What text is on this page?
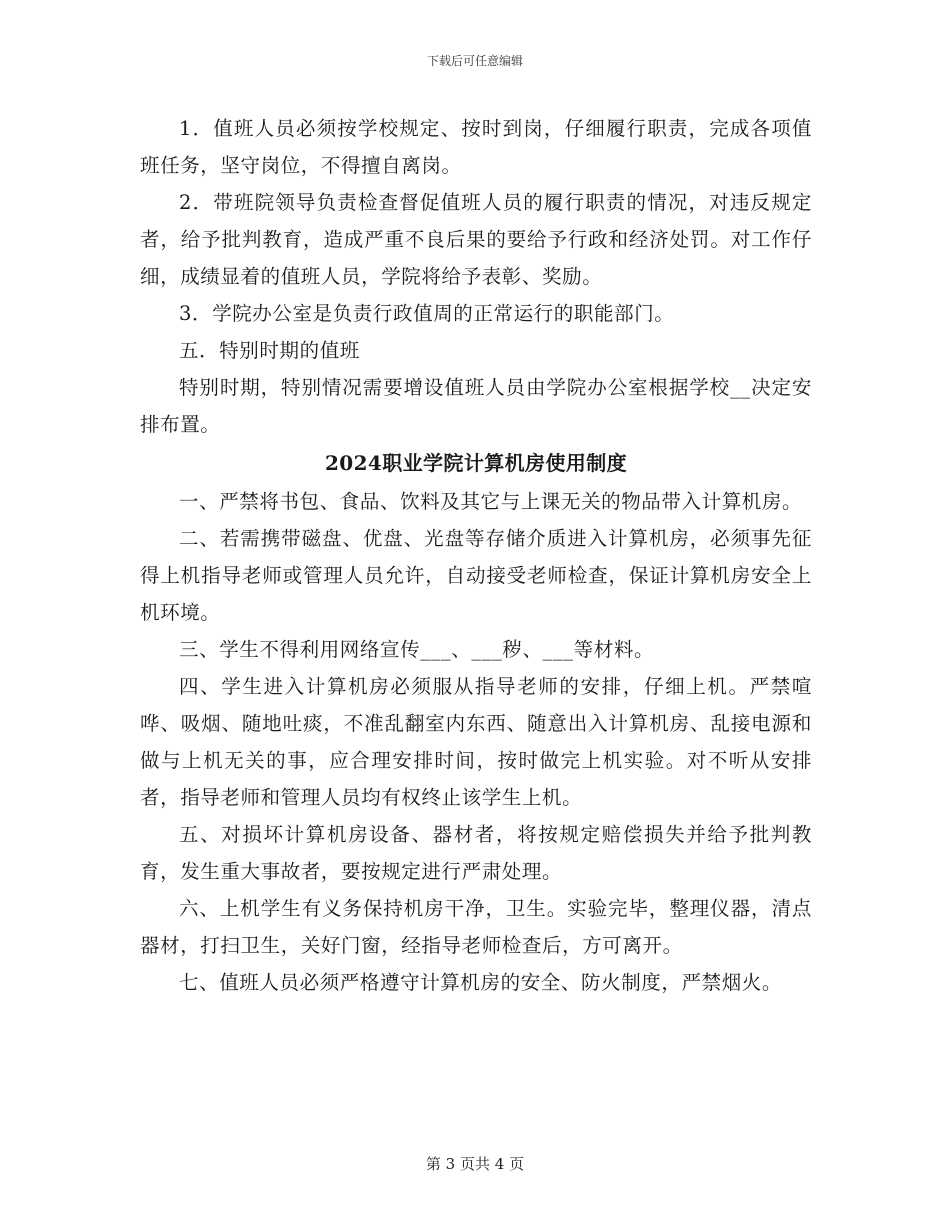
下载后可任意编辑

1．值班人员必须按学校规定、按时到岗，仔细履行职责，完成各项值班任务，坚守岗位，不得擅自离岗。

2．带班院领导负责检查督促值班人员的履行职责的情况，对违反规定者，给予批判教育，造成严重不良后果的要给予行政和经济处罚。对工作仔细，成绩显着的值班人员，学院将给予表彰、奖励。

3．学院办公室是负责行政值周的正常运行的职能部门。

五．特别时期的值班

特别时期，特别情况需要增设值班人员由学院办公室根据学校__决定安排布置。

2024职业学院计算机房使用制度

一、严禁将书包、食品、饮料及其它与上课无关的物品带入计算机房。

二、若需携带磁盘、优盘、光盘等存储介质进入计算机房，必须事先征得上机指导老师或管理人员允许，自动接受老师检查，保证计算机房安全上机环境。

三、学生不得利用网络宣传___、___秽、___等材料。

四、学生进入计算机房必须服从指导老师的安排，仔细上机。严禁喧哗、吸烟、随地吐痰，不准乱翻室内东西、随意出入计算机房、乱接电源和做与上机无关的事，应合理安排时间，按时做完上机实验。对不听从安排者，指导老师和管理人员均有权终止该学生上机。

五、对损坏计算机房设备、器材者，将按规定赔偿损失并给予批判教育，发生重大事故者，要按规定进行严肃处理。

六、上机学生有义务保持机房干净，卫生。实验完毕，整理仪器，清点器材，打扫卫生，关好门窗，经指导老师检查后，方可离开。

七、值班人员必须严格遵守计算机房的安全、防火制度，严禁烟火。

第 3 页共 4 页
